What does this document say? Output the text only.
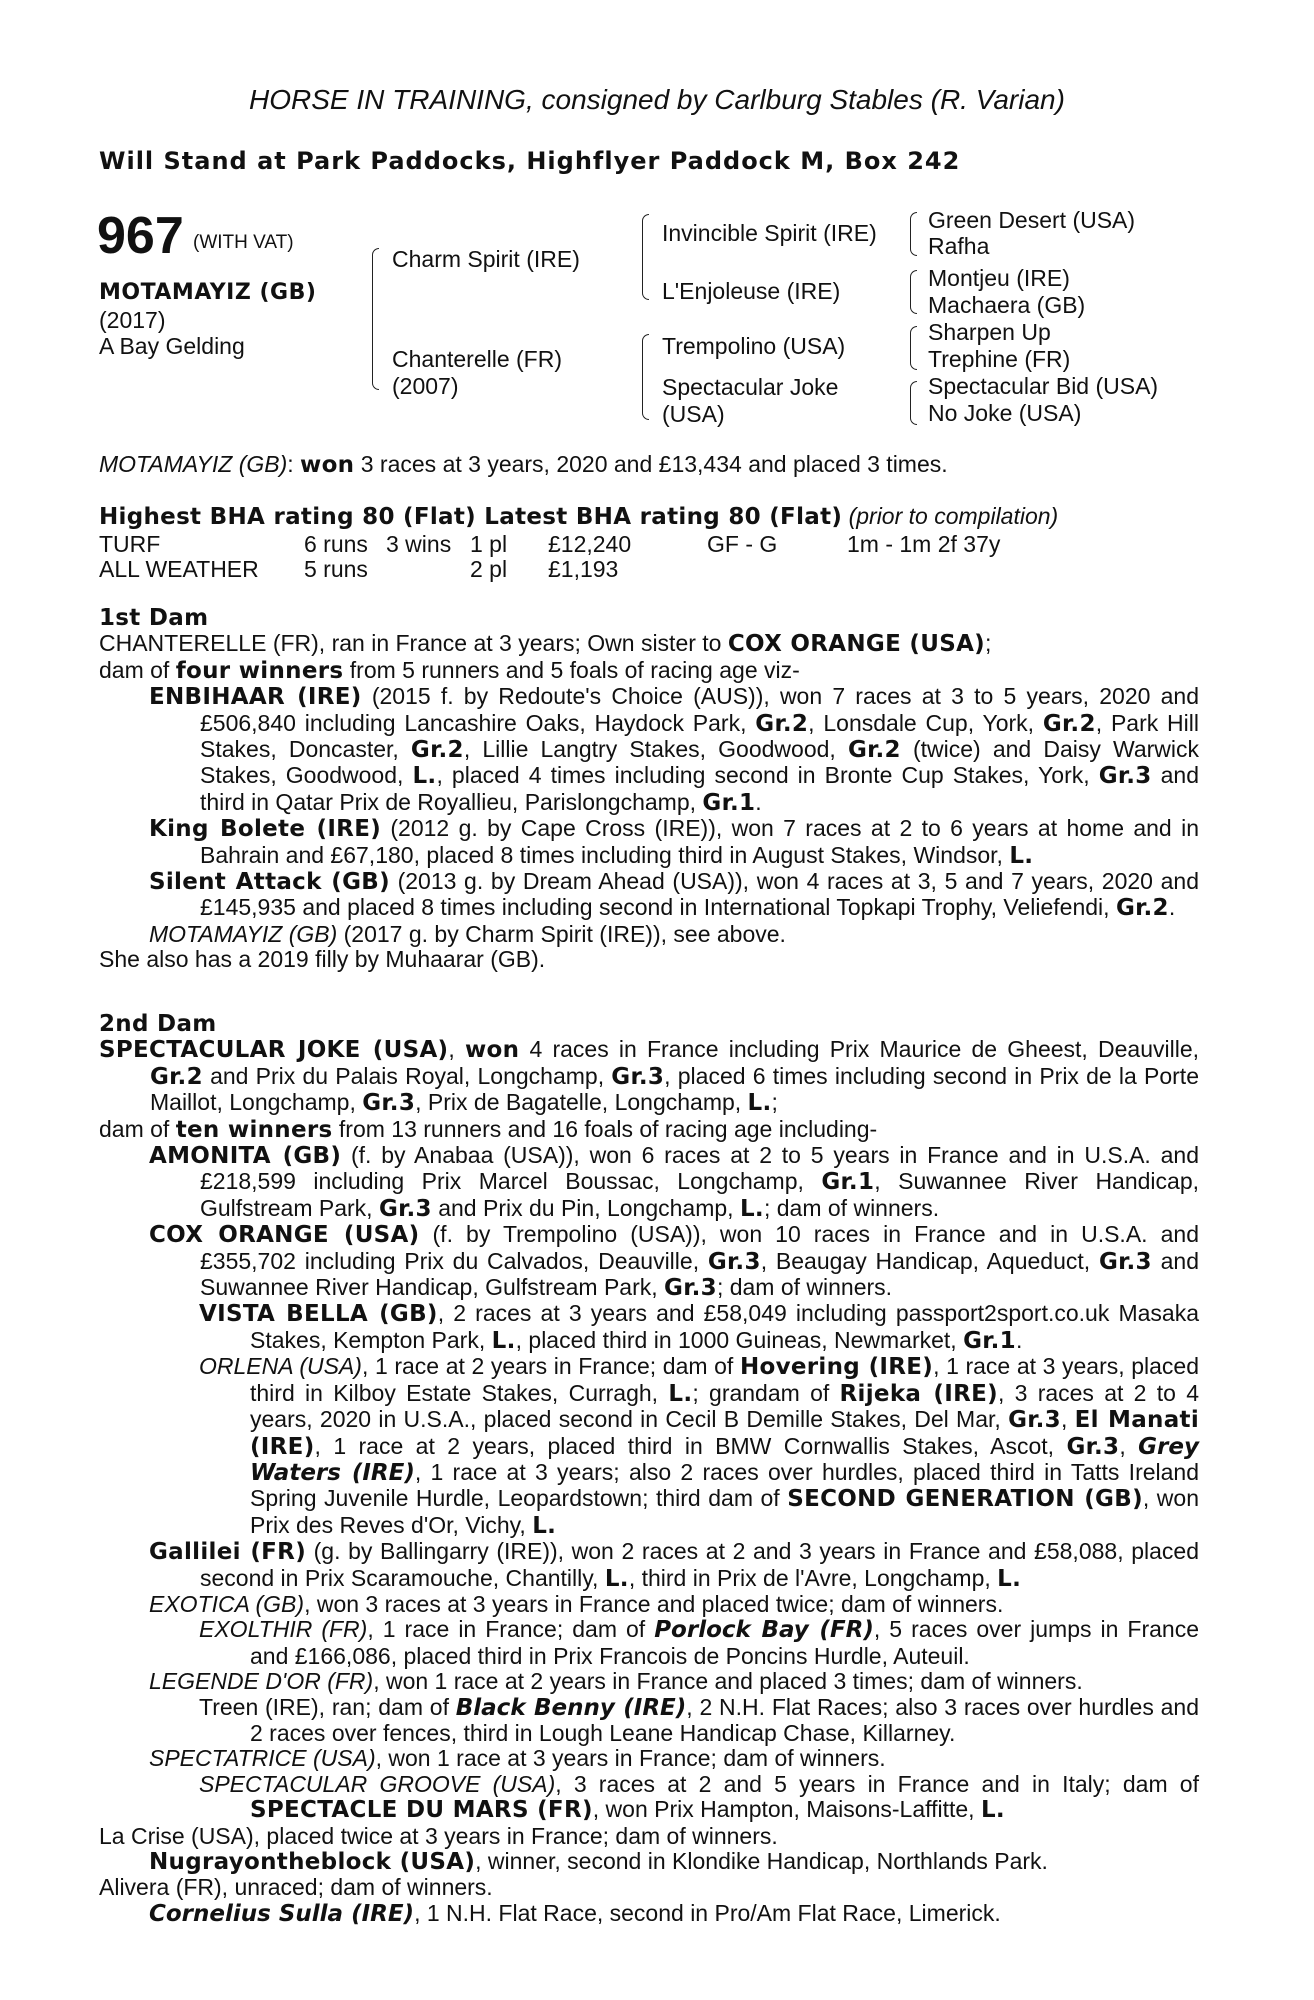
HORSE IN TRAINING, consigned by Carlburg Stables (R. Varian)
Will Stand at Park Paddocks, Highflyer Paddock M, Box 242
967 (WITH VAT)
MOTAMAYIZ (GB)
(2017)
A Bay Gelding
Charm Spirit (IRE)
Chanterelle (FR)
(2007)
Invincible Spirit (IRE)
L'Enjoleuse (IRE)
Trempolino (USA)
Spectacular Joke
(USA)
Green Desert (USA)
Rafha
Montjeu (IRE)
Machaera (GB)
Sharpen Up
Trephine (FR)
Spectacular Bid (USA)
No Joke (USA)
MOTAMAYIZ (GB): won 3 races at 3 years, 2020 and £13,434 and placed 3 times.
Highest BHA rating 80 (Flat) Latest BHA rating 80 (Flat) (prior to compilation)
TURF	6 runs 3 wins 1 pl £12,240	GF - G	1m - 1m 2f 37y
ALL WEATHER 5 runs	2 pl £1,193

1st Dam

CHANTERELLE (FR), ran in France at 3 years; Own sister to COX ORANGE (USA);

dam of four winners from 5 runners and 5 foals of racing age viz-

ENBIHAAR (IRE) (2015 f. by Redoute's Choice (AUS)), won 7 races at 3 to 5 years, 2020 and £506,840 including Lancashire Oaks, Haydock Park, Gr.2, Lonsdale Cup, York, Gr.2, Park Hill Stakes, Doncaster, Gr.2, Lillie Langtry Stakes, Goodwood, Gr.2 (twice) and Daisy Warwick Stakes, Goodwood, L., placed 4 times including second in Bronte Cup Stakes, York, Gr.3 and third in Qatar Prix de Royallieu, Parislongchamp, Gr.1.

King Bolete (IRE) (2012 g. by Cape Cross (IRE)), won 7 races at 2 to 6 years at home and in Bahrain and £67,180, placed 8 times including third in August Stakes, Windsor, L.

Silent Attack (GB) (2013 g. by Dream Ahead (USA)), won 4 races at 3, 5 and 7 years, 2020 and £145,935 and placed 8 times including second in International Topkapi Trophy, Veliefendi, Gr.2.

MOTAMAYIZ (GB) (2017 g. by Charm Spirit (IRE)), see above.

She also has a 2019 filly by Muhaarar (GB).

2nd Dam

SPECTACULAR JOKE (USA), won 4 races in France including Prix Maurice de Gheest, Deauville, Gr.2 and Prix du Palais Royal, Longchamp, Gr.3, placed 6 times including second in Prix de la Porte Maillot, Longchamp, Gr.3, Prix de Bagatelle, Longchamp, L.;

dam of ten winners from 13 runners and 16 foals of racing age including-

AMONITA (GB) (f. by Anabaa (USA)), won 6 races at 2 to 5 years in France and in U.S.A. and £218,599 including Prix Marcel Boussac, Longchamp, Gr.1, Suwannee River Handicap, Gulfstream Park, Gr.3 and Prix du Pin, Longchamp, L.; dam of winners.

COX ORANGE (USA) (f. by Trempolino (USA)), won 10 races in France and in U.S.A. and £355,702 including Prix du Calvados, Deauville, Gr.3, Beaugay Handicap, Aqueduct, Gr.3 and Suwannee River Handicap, Gulfstream Park, Gr.3; dam of winners.

VISTA BELLA (GB), 2 races at 3 years and £58,049 including passport2sport.co.uk Masaka Stakes, Kempton Park, L., placed third in 1000 Guineas, Newmarket, Gr.1.

ORLENA (USA), 1 race at 2 years in France; dam of Hovering (IRE), 1 race at 3 years, placed third in Kilboy Estate Stakes, Curragh, L.; grandam of Rijeka (IRE), 3 races at 2 to 4 years, 2020 in U.S.A., placed second in Cecil B Demille Stakes, Del Mar, Gr.3, El Manati (IRE), 1 race at 2 years, placed third in BMW Cornwallis Stakes, Ascot, Gr.3, Grey Waters (IRE), 1 race at 3 years; also 2 races over hurdles, placed third in Tatts Ireland Spring Juvenile Hurdle, Leopardstown; third dam of SECOND GENERATION (GB), won Prix des Reves d'Or, Vichy, L.

Gallilei (FR) (g. by Ballingarry (IRE)), won 2 races at 2 and 3 years in France and £58,088, placed second in Prix Scaramouche, Chantilly, L., third in Prix de l'Avre, Longchamp, L.

EXOTICA (GB), won 3 races at 3 years in France and placed twice; dam of winners.

EXOLTHIR (FR), 1 race in France; dam of Porlock Bay (FR), 5 races over jumps in France and £166,086, placed third in Prix Francois de Poncins Hurdle, Auteuil.

LEGENDE D'OR (FR), won 1 race at 2 years in France and placed 3 times; dam of winners.

Treen (IRE), ran; dam of Black Benny (IRE), 2 N.H. Flat Races; also 3 races over hurdles and 2 races over fences, third in Lough Leane Handicap Chase, Killarney.

SPECTATRICE (USA), won 1 race at 3 years in France; dam of winners.

SPECTACULAR GROOVE (USA), 3 races at 2 and 5 years in France and in Italy; dam of SPECTACLE DU MARS (FR), won Prix Hampton, Maisons-Laffitte, L.

La Crise (USA), placed twice at 3 years in France; dam of winners.

Nugrayontheblock (USA), winner, second in Klondike Handicap, Northlands Park.

Alivera (FR), unraced; dam of winners.

Cornelius Sulla (IRE), 1 N.H. Flat Race, second in Pro/Am Flat Race, Limerick.
